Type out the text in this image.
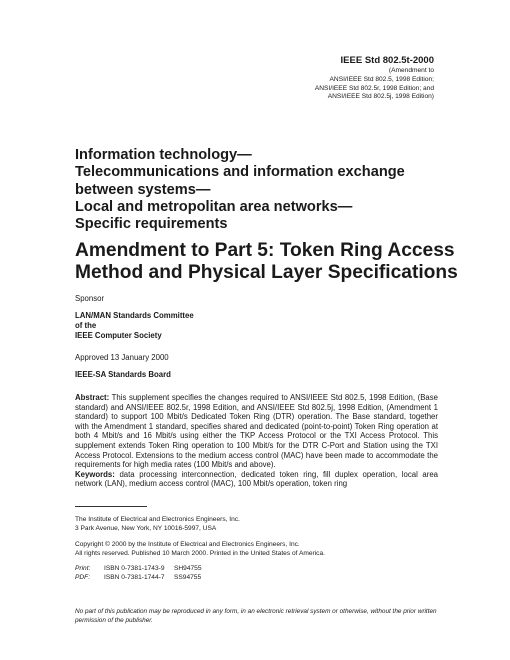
IEEE Std 802.5t-2000
(Amendment to
ANSI/IEEE Std 802.5, 1998 Edition;
ANSI/IEEE Std 802.5r, 1998 Edition; and
ANSI/IEEE Std 802.5j, 1998 Edition)
Information technology—
Telecommunications and information exchange
between systems—
Local and metropolitan area networks—
Specific requirements
Amendment to Part 5: Token Ring Access
Method and Physical Layer Specifications
Sponsor
LAN/MAN Standards Committee
of the
IEEE Computer Society
Approved 13 January 2000
IEEE-SA Standards Board
Abstract: This supplement specifies the changes required to ANSI/IEEE Std 802.5, 1998 Edition, (Base standard) and ANSI/IEEE 802.5r, 1998 Edition, and ANSI/IEEE Std 802.5j, 1998 Edition, (Amendment 1 standard) to support 100 Mbit/s Dedicated Token Ring (DTR) operation. The Base standard, together with the Amendment 1 standard, specifies shared and dedicated (point-to-point) Token Ring operation at both 4 Mbit/s and 16 Mbit/s using either the TKP Access Protocol or the TXI Access Protocol. This supplement extends Token Ring operation to 100 Mbit/s for the DTR C-Port and Station using the TXI Access Protocol. Extensions to the medium access control (MAC) have been made to accommodate the requirements for high media rates (100 Mbit/s and above).
Keywords: data processing interconnection, dedicated token ring, fill duplex operation, local area network (LAN), medium access control (MAC), 100 Mbit/s operation, token ring
The Institute of Electrical and Electronics Engineers, Inc.
3 Park Avenue, New York, NY 10016-5997, USA
Copyright © 2000 by the Institute of Electrical and Electronics Engineers, Inc.
All rights reserved. Published 10 March 2000. Printed in the United States of America.
Print:	ISBN 0-7381-1743-9	SH94755
PDF:	ISBN 0-7381-1744-7	SS94755
No part of this publication may be reproduced in any form, in an electronic retrieval system or otherwise, without the prior written permission of the publisher.
